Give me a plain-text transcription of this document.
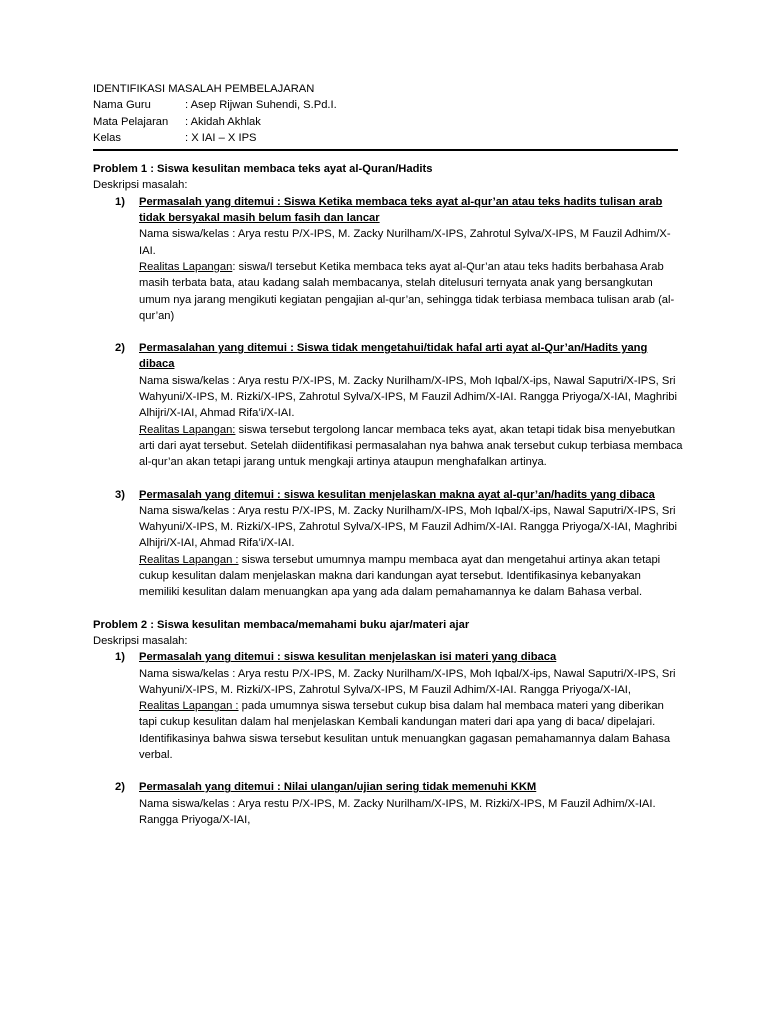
IDENTIFIKASI MASALAH PEMBELAJARAN
Nama Guru	: Asep Rijwan Suhendi, S.Pd.I.
Mata Pelajaran	: Akidah Akhlak
Kelas	: X IAI – X IPS
Problem 1 : Siswa kesulitan membaca teks ayat al-Quran/Hadits
Deskripsi masalah:
1)	Permasalah yang ditemui : Siswa Ketika membaca teks ayat al-qur’an atau teks hadits tulisan arab tidak bersyakal masih belum fasih dan lancar
Nama siswa/kelas : Arya restu P/X-IPS, M. Zacky Nurilham/X-IPS, Zahrotul Sylva/X-IPS, M Fauzil Adhim/X-IAI.
Realitas Lapangan: siswa/I tersebut Ketika membaca teks ayat al-Qur’an atau teks hadits berbahasa Arab masih terbata bata, atau kadang salah membacanya, stelah ditelusuri ternyata anak yang bersangkutan umum nya jarang mengikuti kegiatan pengajian al-qur’an, sehingga tidak terbiasa membaca tulisan arab (al-qur’an)
2)	Permasalahan yang ditemui : Siswa tidak mengetahui/tidak hafal arti ayat al-Qur’an/Hadits yang dibaca
Nama siswa/kelas : Arya restu P/X-IPS, M. Zacky Nurilham/X-IPS, Moh Iqbal/X-ips, Nawal Saputri/X-IPS, Sri Wahyuni/X-IPS, M. Rizki/X-IPS, Zahrotul Sylva/X-IPS, M Fauzil Adhim/X-IAI. Rangga Priyoga/X-IAI, Maghribi Alhijri/X-IAI, Ahmad Rifa’i/X-IAI.
Realitas Lapangan: siswa tersebut tergolong lancar membaca teks ayat, akan tetapi tidak bisa menyebutkan arti dari ayat tersebut. Setelah diidentifikasi permasalahan nya bahwa anak tersebut cukup terbiasa membaca al-qur’an akan tetapi jarang untuk mengkaji artinya ataupun menghafalkan artinya.
3)	Permasalah yang ditemui : siswa kesulitan menjelaskan makna ayat al-qur’an/hadits yang dibaca
Nama siswa/kelas : Arya restu P/X-IPS, M. Zacky Nurilham/X-IPS, Moh Iqbal/X-ips, Nawal Saputri/X-IPS, Sri Wahyuni/X-IPS, M. Rizki/X-IPS, Zahrotul Sylva/X-IPS, M Fauzil Adhim/X-IAI. Rangga Priyoga/X-IAI, Maghribi Alhijri/X-IAI, Ahmad Rifa’i/X-IAI.
Realitas Lapangan : siswa tersebut umumnya mampu membaca ayat dan mengetahui artinya akan tetapi cukup kesulitan dalam menjelaskan makna dari kandungan ayat tersebut. Identifikasinya kebanyakan memiliki kesulitan dalam menuangkan apa yang ada dalam pemahamannya ke dalam Bahasa verbal.
Problem 2 : Siswa kesulitan membaca/memahami buku ajar/materi ajar
Deskripsi masalah:
1)	Permasalah yang ditemui : siswa kesulitan menjelaskan isi materi yang dibaca
Nama siswa/kelas : Arya restu P/X-IPS, M. Zacky Nurilham/X-IPS, Moh Iqbal/X-ips, Nawal Saputri/X-IPS, Sri Wahyuni/X-IPS, M. Rizki/X-IPS, Zahrotul Sylva/X-IPS, M Fauzil Adhim/X-IAI. Rangga Priyoga/X-IAI,
Realitas Lapangan : pada umumnya siswa tersebut cukup bisa dalam hal membaca materi yang diberikan tapi cukup kesulitan dalam hal menjelaskan Kembali kandungan materi dari apa yang di baca/ dipelajari. Identifikasinya bahwa siswa tersebut kesulitan untuk menuangkan gagasan pemahamannya dalam Bahasa verbal.
2)	Permasalah yang ditemui : Nilai ulangan/ujian sering tidak memenuhi KKM
Nama siswa/kelas : Arya restu P/X-IPS, M. Zacky Nurilham/X-IPS, M. Rizki/X-IPS, M Fauzil Adhim/X-IAI. Rangga Priyoga/X-IAI,
